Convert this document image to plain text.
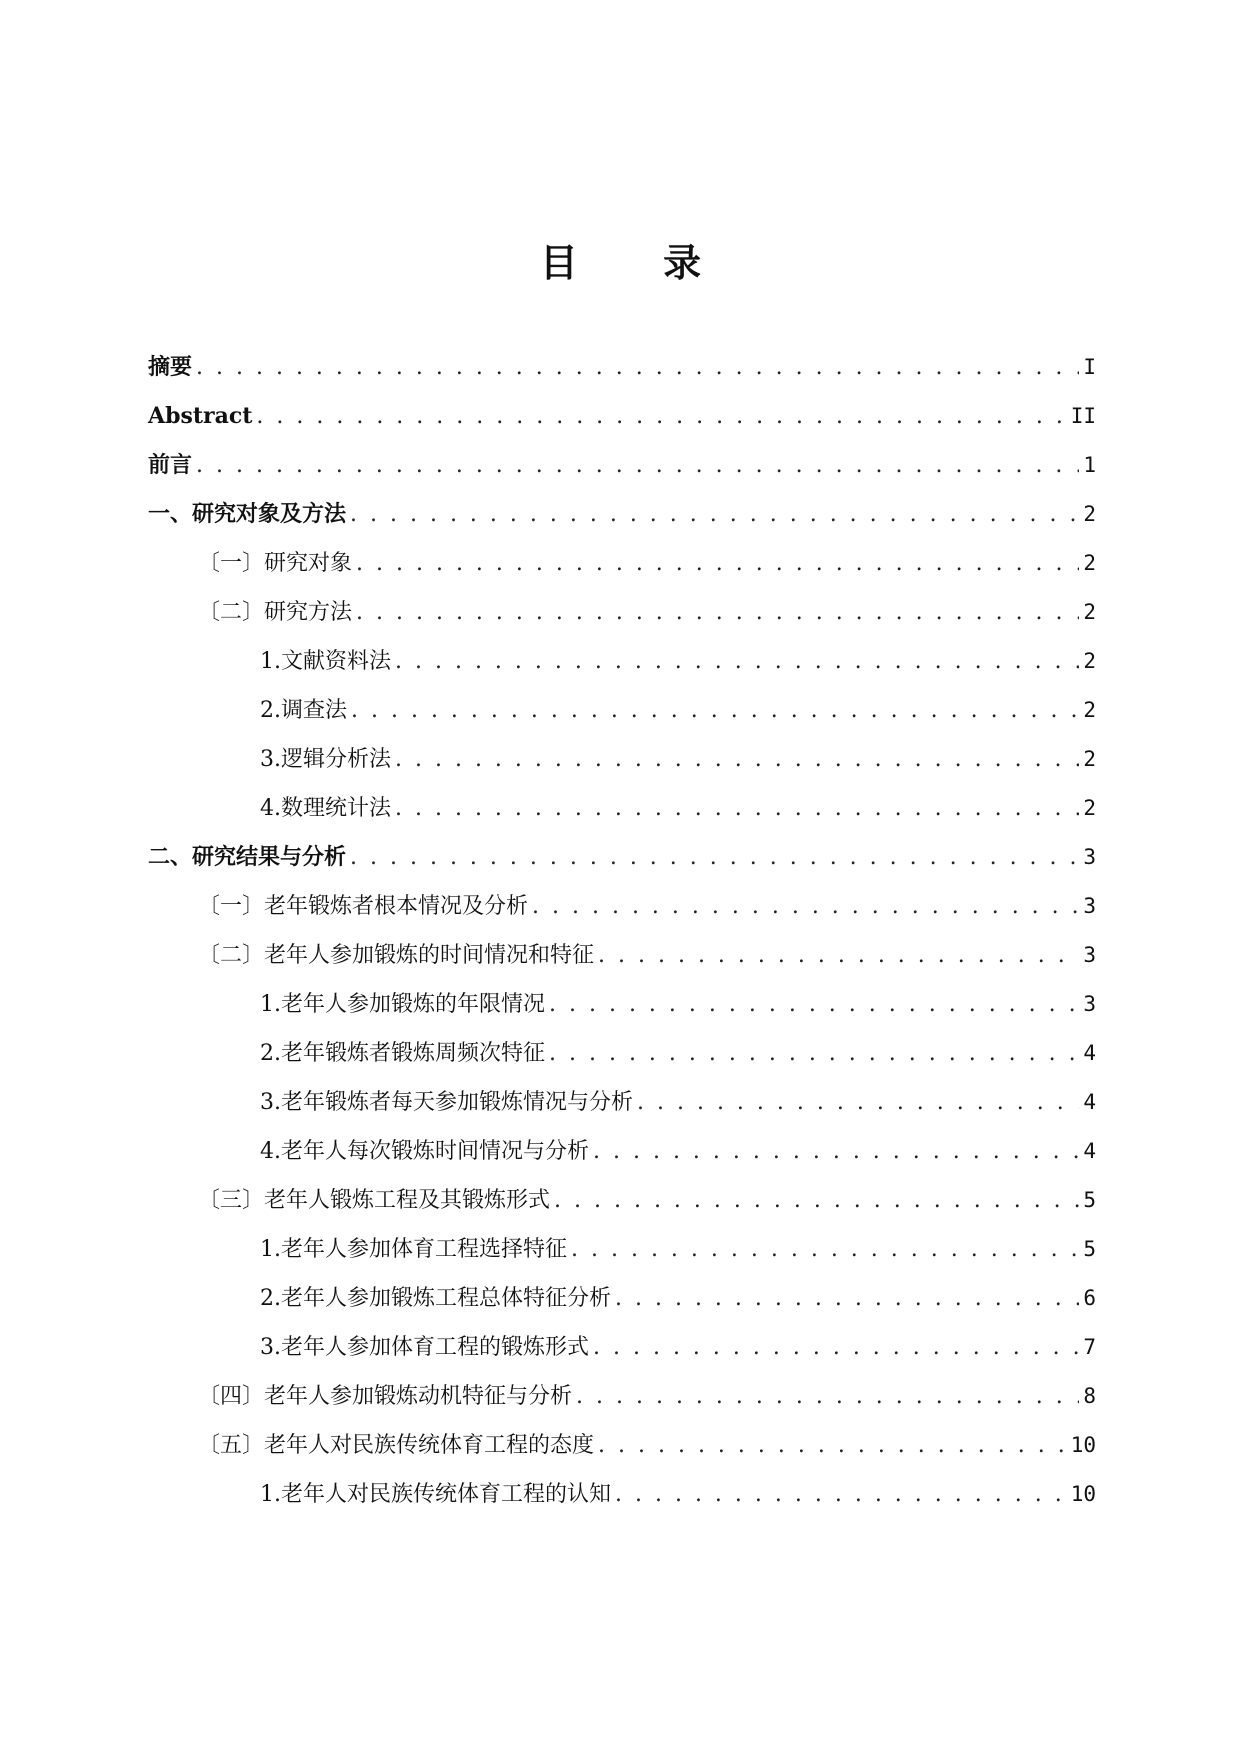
目 录
摘要 . . .	I
Abstract . . .	II
前言 . . .	1
一、研究对象及方法 . . .	2
〔一〕研究对象 . . .	2
〔二〕研究方法 . . .	2
1.文献资料法 . . .	2
2.调查法 . . .	2
3.逻辑分析法 . . .	2
4.数理统计法 . . .	2
二、研究结果与分析 . . .	3
〔一〕老年锻炼者根本情况及分析 . . .	3
〔二〕老年人参加锻炼的时间情况和特征 . . .	3
1.老年人参加锻炼的年限情况 . . .	3
2.老年锻炼者锻炼周频次特征 . . .	4
3.老年锻炼者每天参加锻炼情况与分析 . . .	4
4.老年人每次锻炼时间情况与分析 . . .	4
〔三〕老年人锻炼工程及其锻炼形式 . . .	5
1.老年人参加体育工程选择特征 . . .	5
2.老年人参加锻炼工程总体特征分析 . . .	6
3.老年人参加体育工程的锻炼形式 . . .	7
〔四〕老年人参加锻炼动机特征与分析 . . .	8
〔五〕老年人对民族传统体育工程的态度 . . .	10
1.老年人对民族传统体育工程的认知 . . .	10
